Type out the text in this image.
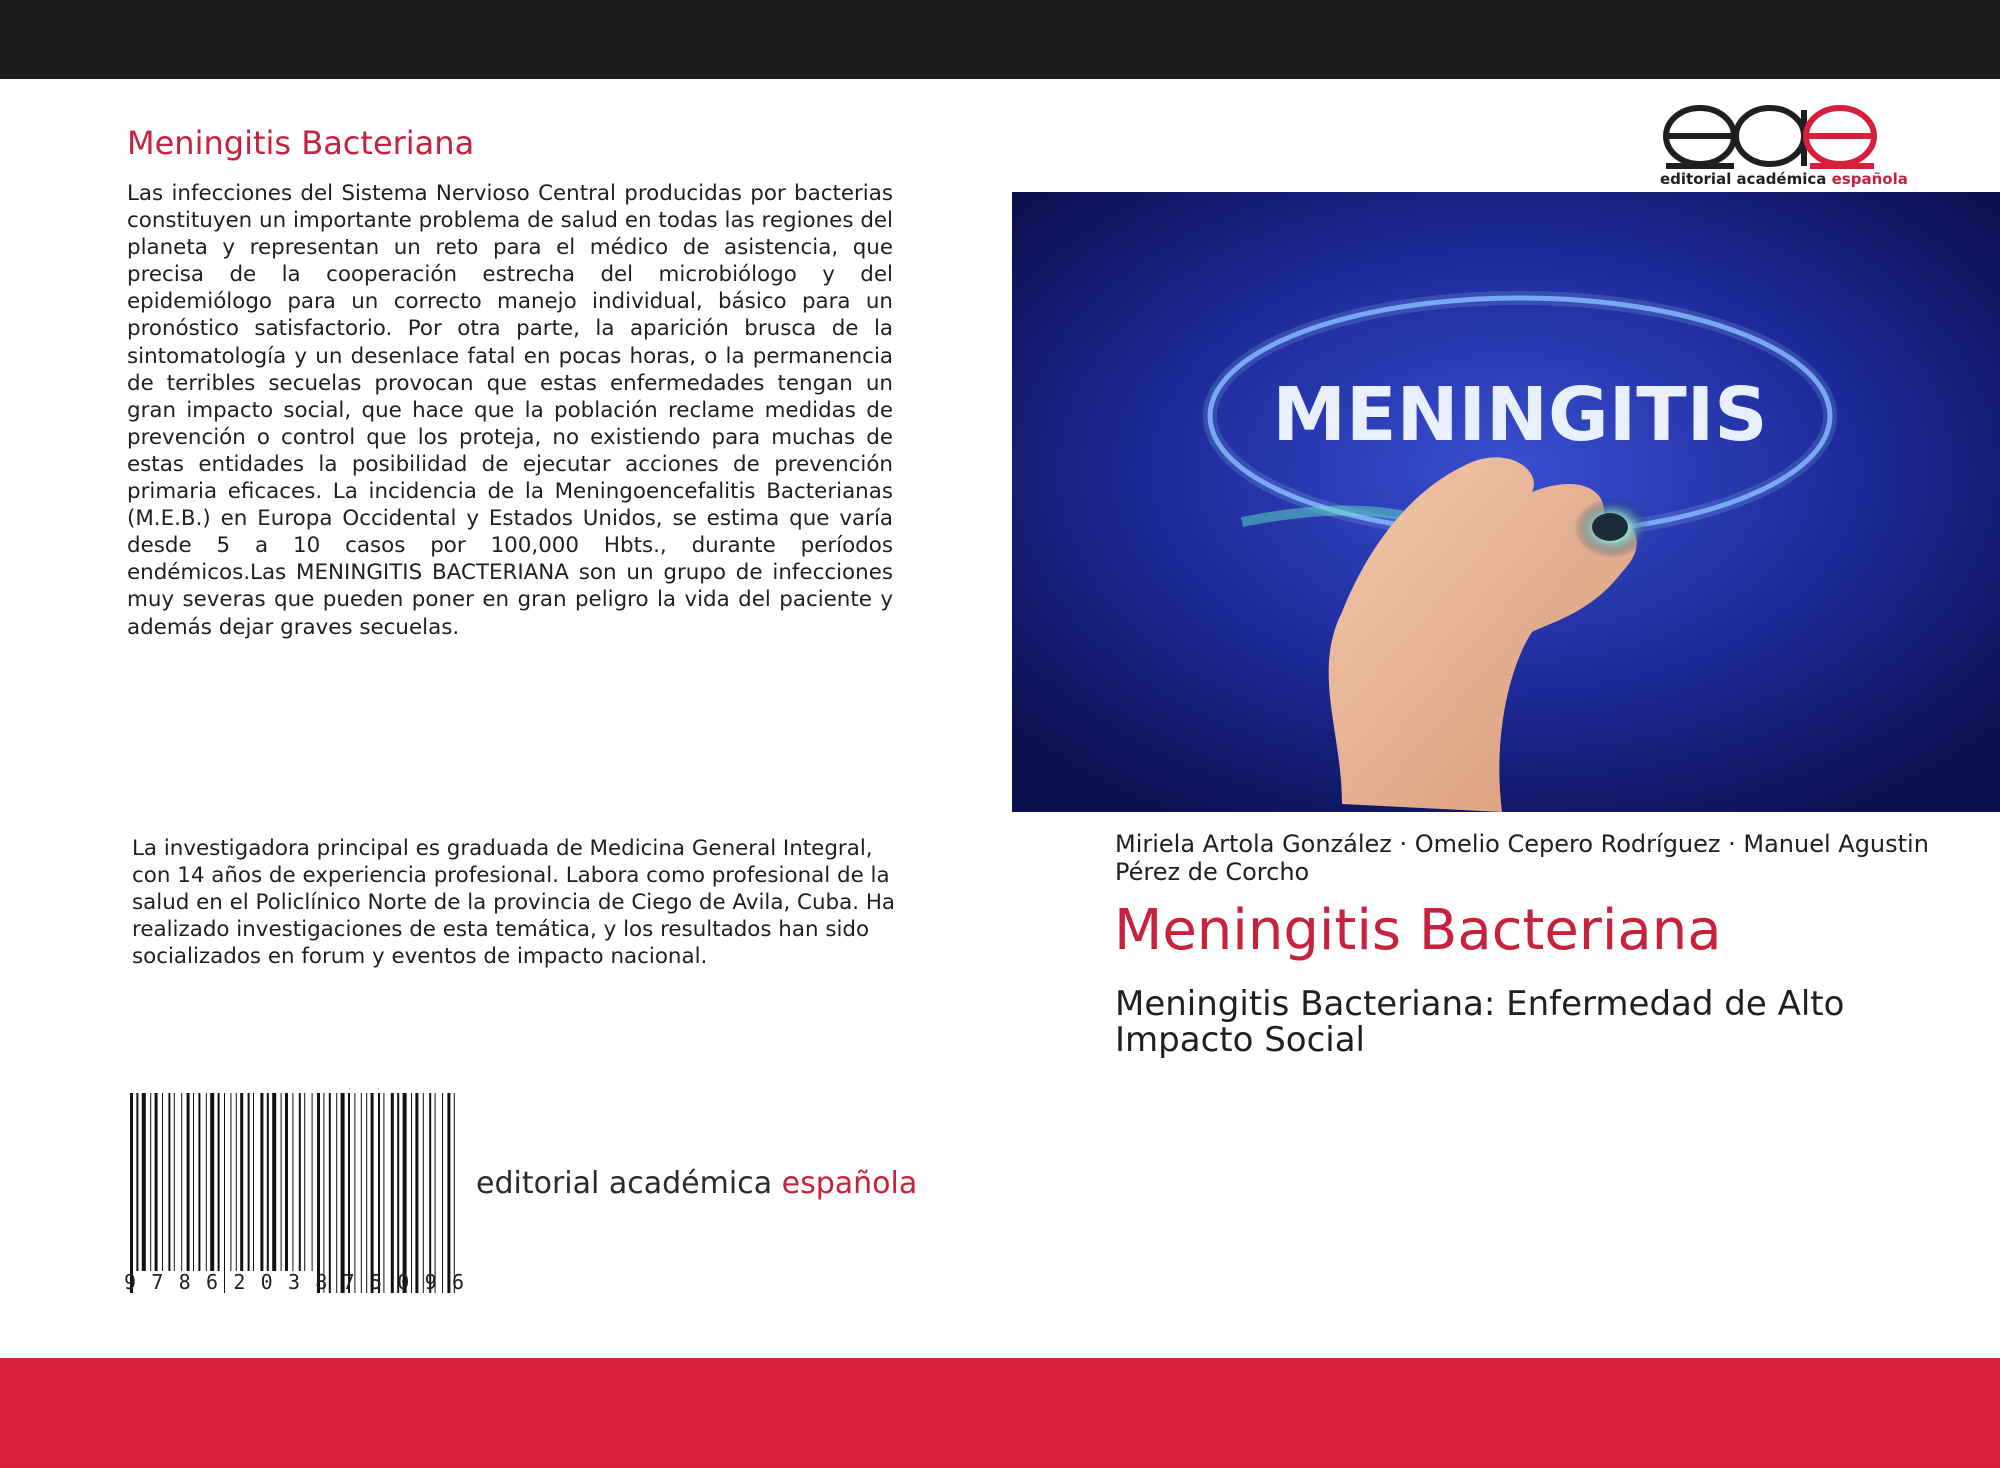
Meningitis Bacteriana
Las infecciones del Sistema Nervioso Central producidas por bacterias constituyen un importante problema de salud en todas las regiones del planeta y representan un reto para el médico de asistencia, que precisa de la cooperación estrecha del microbiólogo y del epidemiólogo para un correcto manejo individual, básico para un pronóstico satisfactorio. Por otra parte, la aparición brusca de la sintomatología y un desenlace fatal en pocas horas, o la permanencia de terribles secuelas provocan que estas enfermedades tengan un gran impacto social, que hace que la población reclame medidas de prevención o control que los proteja, no existiendo para muchas de estas entidades la posibilidad de ejecutar acciones de prevención primaria eficaces. La incidencia de la Meningoencefalitis Bacterianas (M.E.B.) en Europa Occidental y Estados Unidos, se estima que varía desde 5 a 10 casos por 100,000 Hbts., durante períodos endémicos.Las MENINGITIS BACTERIANA son un grupo de infecciones muy severas que pueden poner en gran peligro la vida del paciente y además dejar graves secuelas.
La investigadora principal es graduada de Medicina General Integral, con 14 años de experiencia profesional. Labora como profesional de la salud en el Policlínico Norte de la provincia de Ciego de Avila, Cuba. Ha realizado investigaciones de esta temática, y los resultados han sido socializados en forum y eventos de impacto nacional.
9 7 8 6 2 0 3 8 7 5 0 9 6
editorial académica española
editorial académica española
MENINGITIS
Miriela Artola González · Omelio Cepero Rodríguez · Manuel Agustin Pérez de Corcho
Meningitis Bacteriana
Meningitis Bacteriana: Enfermedad de Alto Impacto Social
